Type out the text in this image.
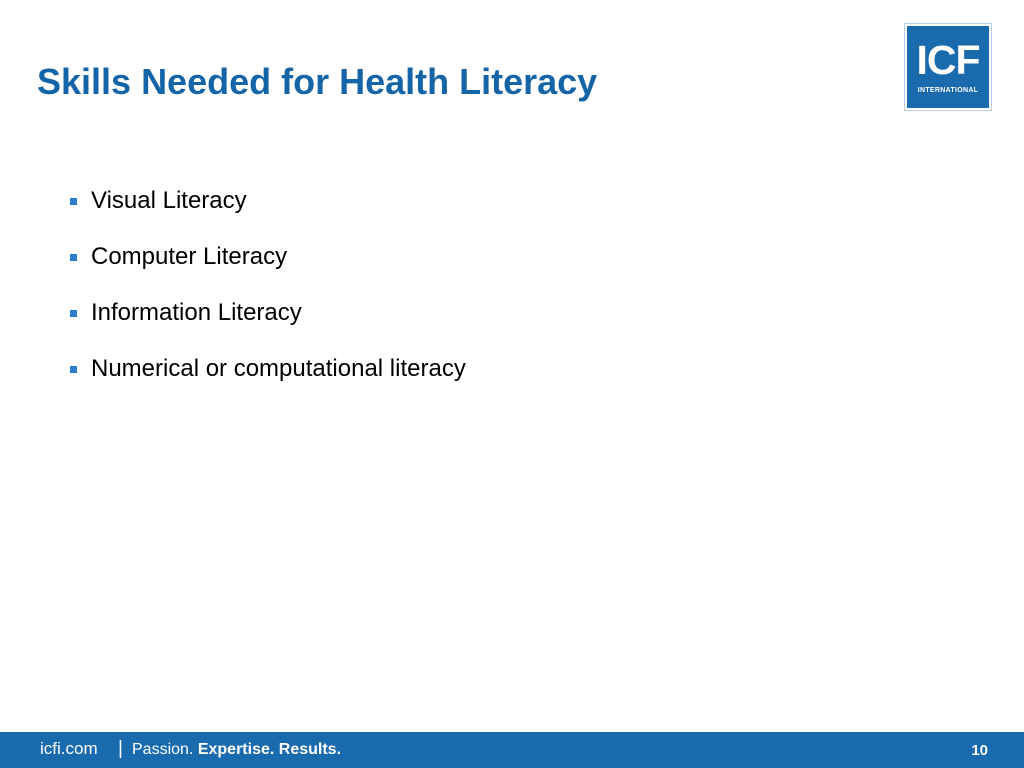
Skills Needed for Health Literacy	ICF
INTERNATIONAL
Visual Literacy
Computer Literacy
Information Literacy
Numerical or computational literacy
icfi.com | Passion. Expertise. Results.	10
